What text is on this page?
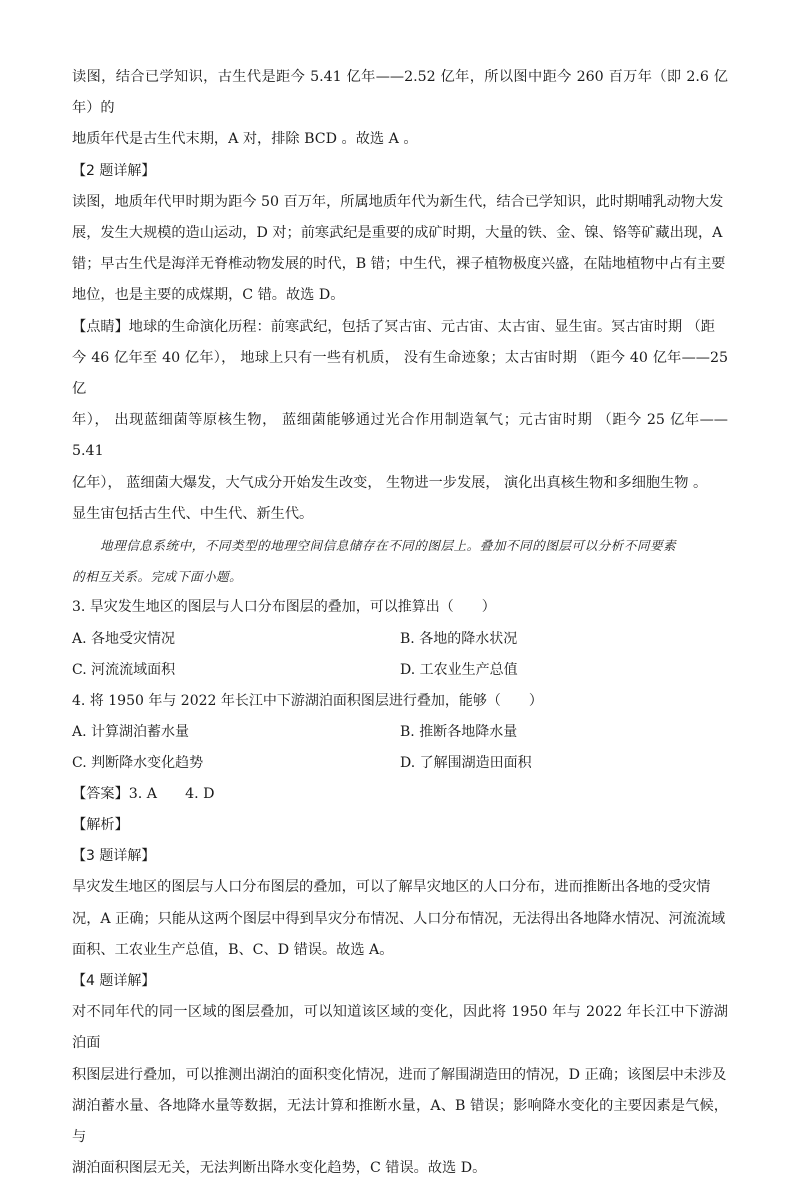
读图，结合已学知识，古生代是距今 5.41 亿年——2.52 亿年，所以图中距今 260 百万年（即 2.6 亿年）的

地质年代是古生代末期，A 对，排除 BCD 。故选 A 。

【2 题详解】

读图，地质年代甲时期为距今 50 百万年，所属地质年代为新生代，结合已学知识，此时期哺乳动物大发

展，发生大规模的造山运动，D 对；前寒武纪是重要的成矿时期，大量的铁、金、镍、铬等矿藏出现，A

错；早古生代是海洋无脊椎动物发展的时代，B 错；中生代，裸子植物极度兴盛，在陆地植物中占有主要

地位，也是主要的成煤期，C 错。故选 D。

【点睛】地球的生命演化历程：前寒武纪，包括了冥古宙、元古宙、太古宙、显生宙。冥古宙时期 （距

今 46 亿年至 40 亿年）， 地球上只有一些有机质， 没有生命迹象；太古宙时期 （距今 40 亿年——25 亿

年）， 出现蓝细菌等原核生物， 蓝细菌能够通过光合作用制造氧气；元古宙时期 （距今 25 亿年——5.41

亿年）， 蓝细菌大爆发，大气成分开始发生改变， 生物进一步发展， 演化出真核生物和多细胞生物 。

显生宙包括古生代、中生代、新生代。

地理信息系统中，不同类型的地理空间信息储存在不同的图层上。叠加不同的图层可以分析不同要素

的相互关系。完成下面小题。

3. 旱灾发生地区的图层与人口分布图层的叠加，可以推算出（　　）

A. 各地受灾情况	B. 各地的降水状况
C. 河流流域面积	D. 工农业生产总值

4. 将 1950 年与 2022 年长江中下游湖泊面积图层进行叠加，能够（　　）

A. 计算湖泊蓄水量	B. 推断各地降水量
C. 判断降水变化趋势	D. 了解围湖造田面积

【答案】3. A 4. D

【解析】

【3 题详解】

旱灾发生地区的图层与人口分布图层的叠加，可以了解旱灾地区的人口分布，进而推断出各地的受灾情

况，A 正确；只能从这两个图层中得到旱灾分布情况、人口分布情况，无法得出各地降水情况、河流流域

面积、工农业生产总值，B、C、D 错误。故选 A。

【4 题详解】

对不同年代的同一区域的图层叠加，可以知道该区域的变化，因此将 1950 年与 2022 年长江中下游湖泊面

积图层进行叠加，可以推测出湖泊的面积变化情况，进而了解围湖造田的情况，D 正确；该图层中未涉及

湖泊蓄水量、各地降水量等数据，无法计算和推断水量，A、B 错误；影响降水变化的主要因素是气候，与

湖泊面积图层无关，无法判断出降水变化趋势，C 错误。故选 D。
